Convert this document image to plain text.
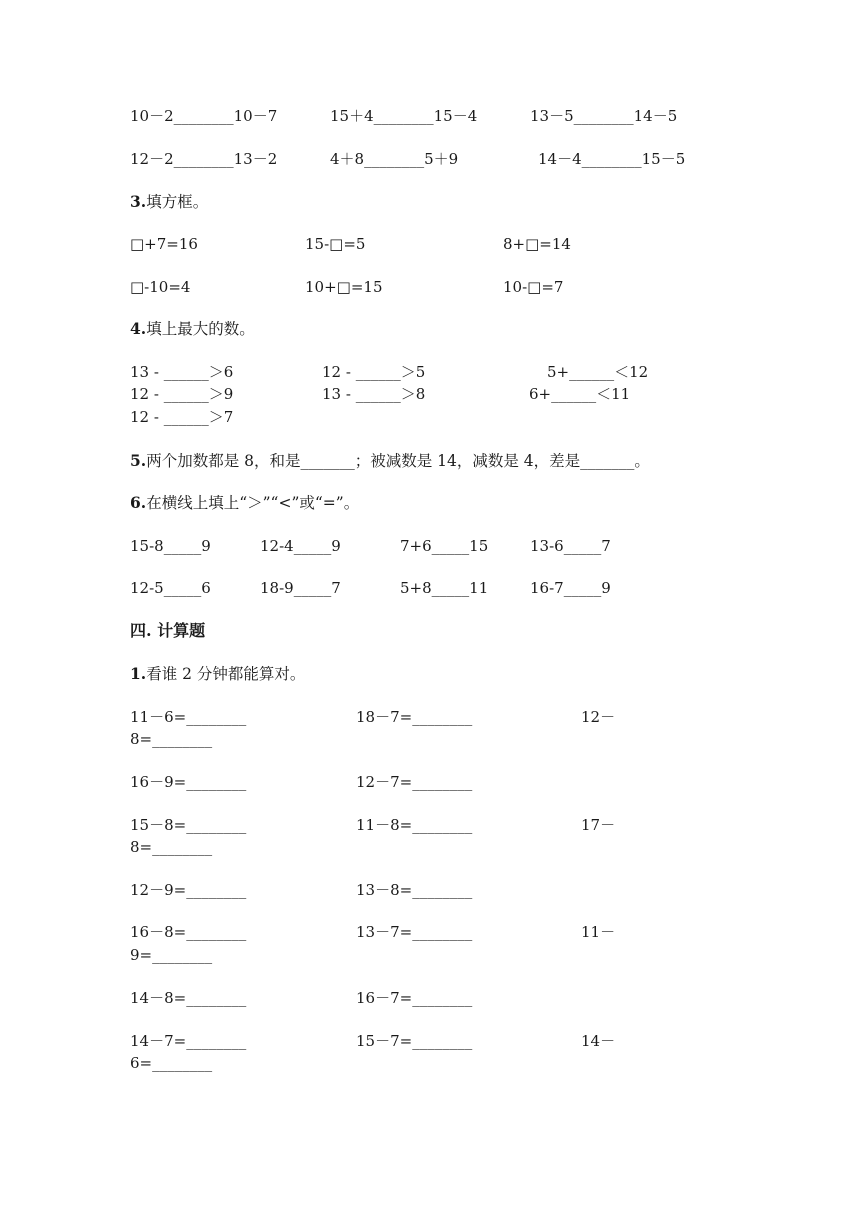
10－2________10－7	15＋4________15－4	13－5________14－5
12－2________13－2	4＋8________5＋9	14－4________15－5
3.填方框。
□+7=16	15-□=5	8+□=14
□-10=4	10+□=15	10-□=7
4.填上最大的数。
13 - ______＞6	12 - ______＞5	5+______＜12
12 - ______＞9	13 - ______＞8	6+______＜11
12 - ______＞7
5.两个加数都是 8，和是_______；被减数是 14，减数是 4，差是_______。
6.在横线上填上“＞”“<”或“=”。
15-8_____9	12-4_____9	7+6_____15	13-6_____7
12-5_____6	18-9_____7	5+8_____11	16-7_____9
四. 计算题
1.看谁 2 分钟都能算对。
11－6=________	18－7=________	12－
8=________
16－9=________	12－7=________
15－8=________	11－8=________	17－
8=________
12－9=________	13－8=________
16－8=________	13－7=________	11－
9=________
14－8=________	16－7=________
14－7=________	15－7=________	14－
6=________
